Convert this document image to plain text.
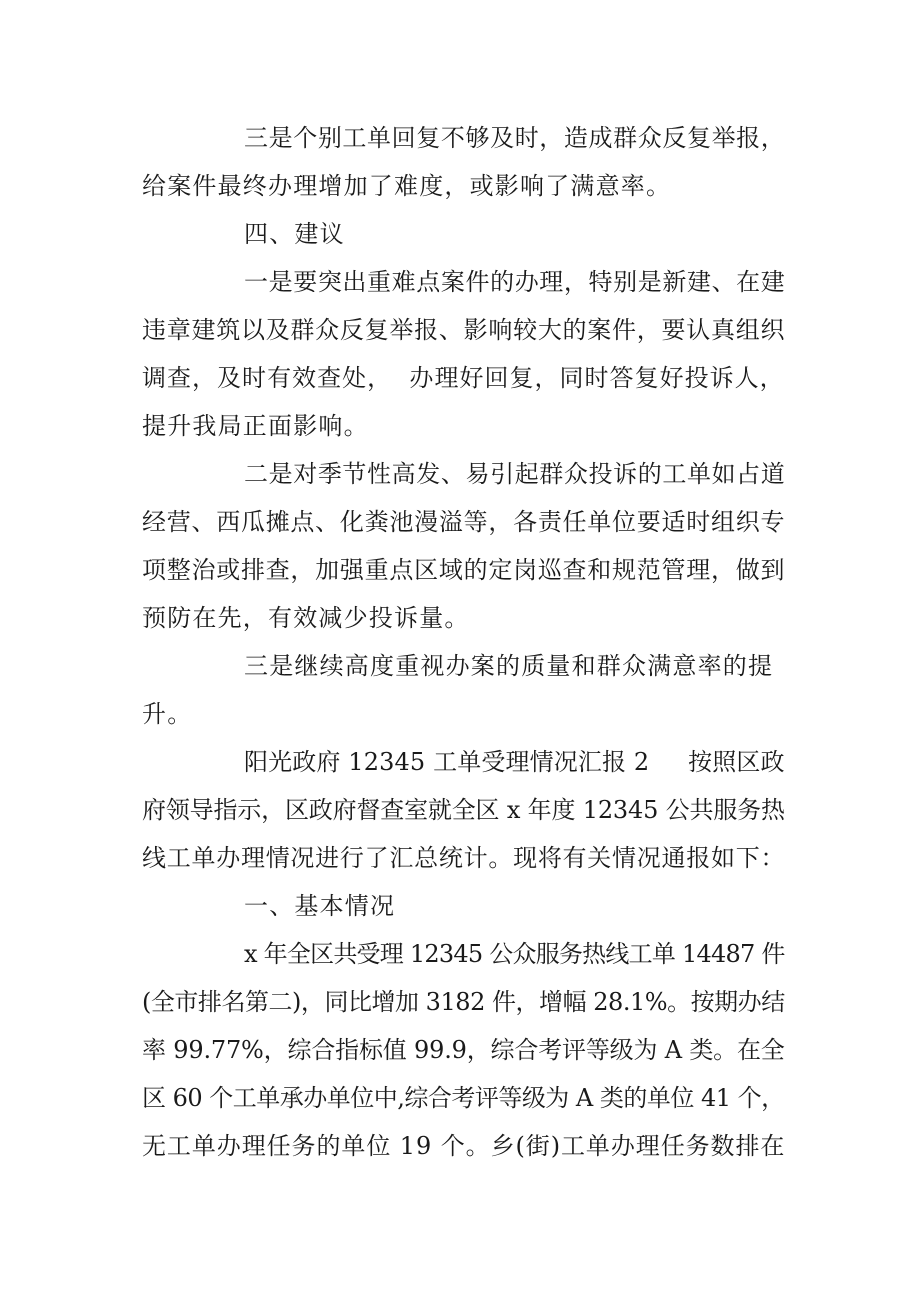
三是个别工单回复不够及时，造成群众反复举报，
给案件最终办理增加了难度，或影响了满意率。
四、建议
一是要突出重难点案件的办理，特别是新建、在建
违章建筑以及群众反复举报、影响较大的案件，要认真组织
调查，及时有效查处，  办理好回复，同时答复好投诉人，
提升我局正面影响。
二是对季节性高发、易引起群众投诉的工单如占道
经营、西瓜摊点、化粪池漫溢等，各责任单位要适时组织专
项整治或排查，加强重点区域的定岗巡查和规范管理，做到
预防在先，有效减少投诉量。
三是继续高度重视办案的质量和群众满意率的提
升。
阳光政府 12345 工单受理情况汇报 2     按照区政
府领导指示，区政府督查室就全区 x 年度 12345 公共服务热
线工单办理情况进行了汇总统计。现将有关情况通报如下：
一、基本情况
x 年全区共受理 12345 公众服务热线工单 14487 件
(全市排名第二)，同比增加 3182 件，增幅 28.1%。按期办结
率 99.77%，综合指标值 99.9，综合考评等级为 A 类。在全
区 60 个工单承办单位中,综合考评等级为 A 类的单位 41 个，
无工单办理任务的单位 19 个。乡(街)工单办理任务数排在
